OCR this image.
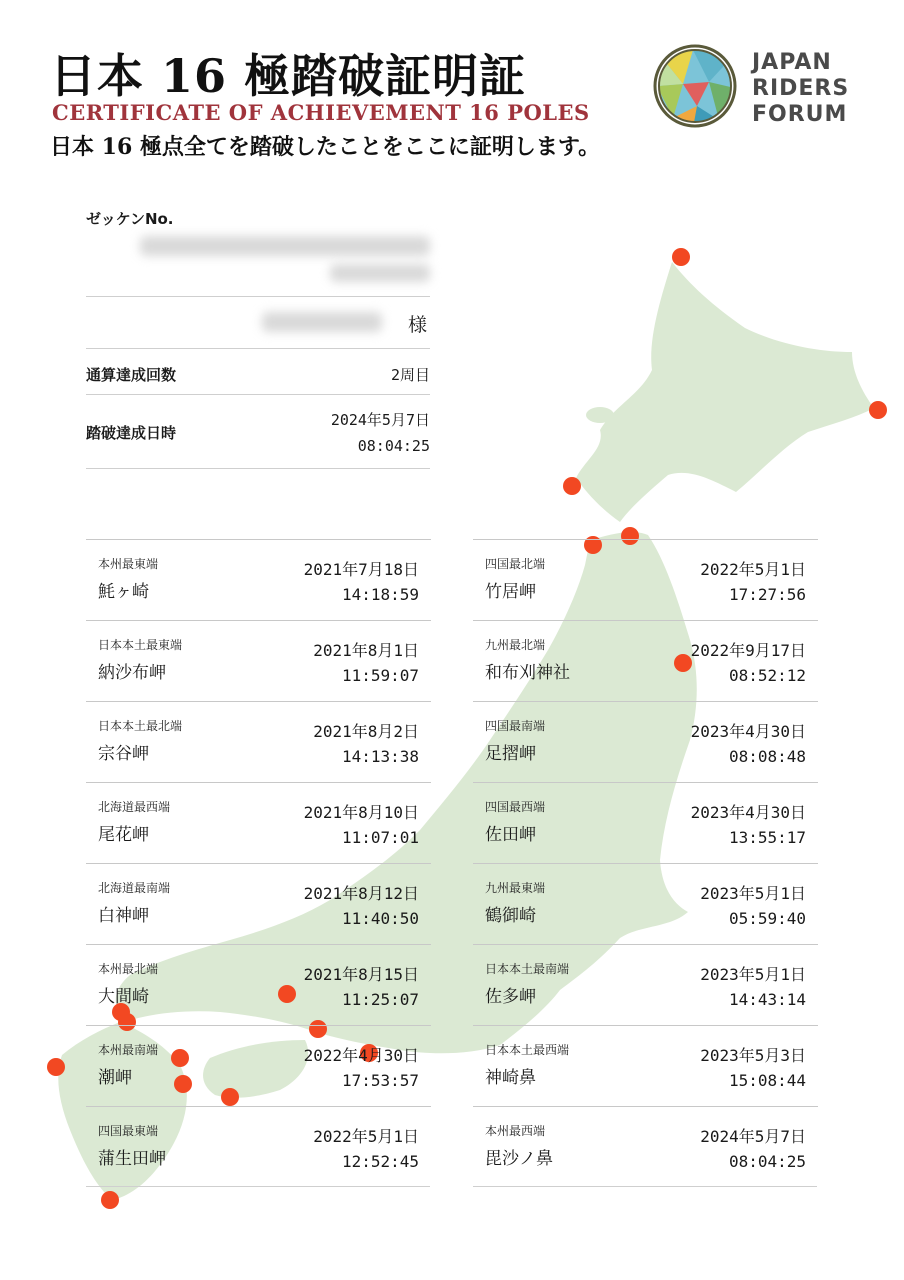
日本 16 極踏破証明証
CERTIFICATE OF ACHIEVEMENT 16 POLES
日本 16 極点全てを踏破したことをここに証明します。
JAPAN
RIDERS
FORUM
ゼッケンNo.
様
通算達成回数	2周目
踏破達成日時
2024年5月7日
08:04:25
本州最東端
魹ヶ崎
2021年7月18日
14:18:59
日本本土最東端
納沙布岬
2021年8月1日
11:59:07
日本本土最北端
宗谷岬
2021年8月2日
14:13:38
北海道最西端
尾花岬
2021年8月10日
11:07:01
北海道最南端
白神岬
2021年8月12日
11:40:50
本州最北端
大間崎
2021年8月15日
11:25:07
本州最南端
潮岬
2022年4月30日
17:53:57
四国最東端
蒲生田岬
2022年5月1日
12:52:45
四国最北端
竹居岬
2022年5月1日
17:27:56
九州最北端
和布刈神社
2022年9月17日
08:52:12
四国最南端
足摺岬
2023年4月30日
08:08:48
四国最西端
佐田岬
2023年4月30日
13:55:17
九州最東端
鶴御崎
2023年5月1日
05:59:40
日本本土最南端
佐多岬
2023年5月1日
14:43:14
日本本土最西端
神崎鼻
2023年5月3日
15:08:44
本州最西端
毘沙ノ鼻
2024年5月7日
08:04:25
